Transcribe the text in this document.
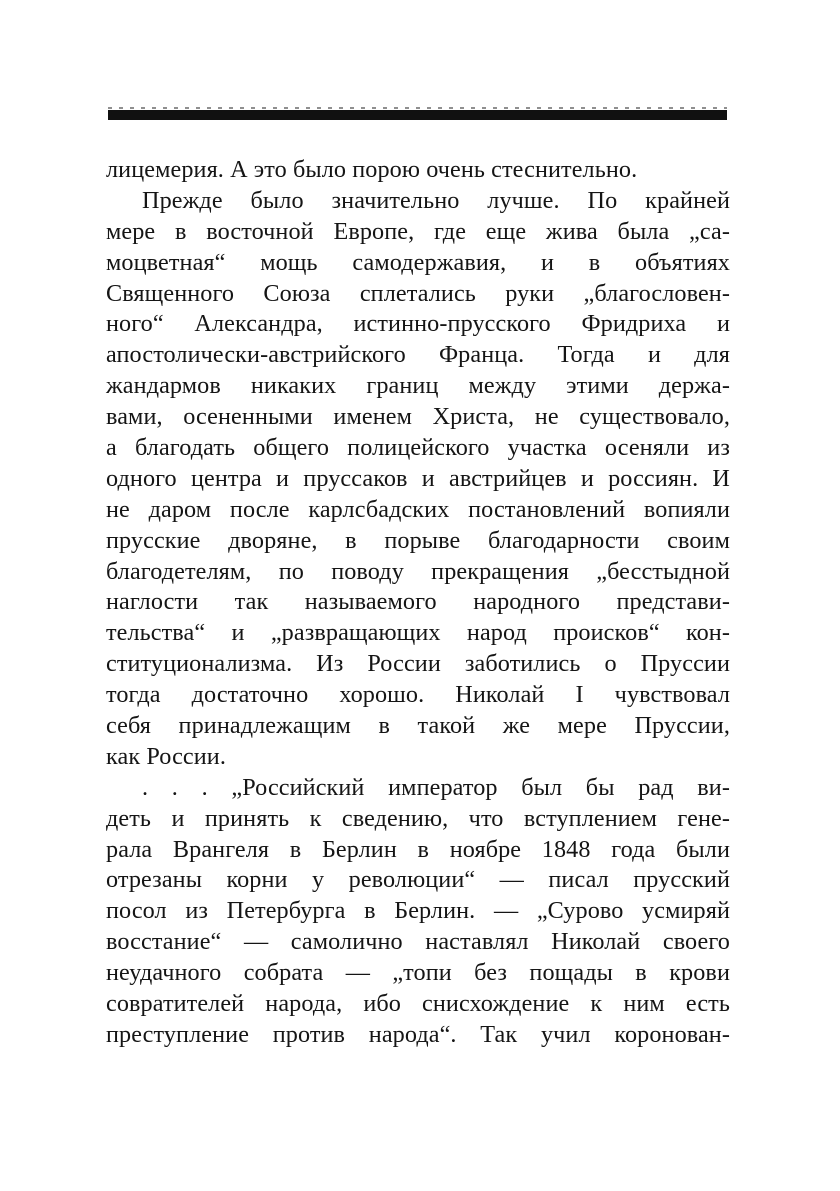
лицемерия. А это было порою очень стеснительно.
Прежде было значительно лучше. По крайней
мере в восточной Европе, где еще жива была „са-
моцветная“ мощь самодержавия, и в объятиях
Священного Союза сплетались руки „благословен-
ного“ Александра, истинно-прусского Фридриха и
апостолически-австрийского Франца. Тогда и для
жандармов никаких границ между этими держа-
вами, осененными именем Христа, не существовало,
а благодать общего полицейского участка осеняли из
одного центра и пруссаков и австрийцев и россиян. И
не даром после карлсбадских постановлений вопияли
прусские дворяне, в порыве благодарности своим
благодетелям, по поводу прекращения „бесстыдной
наглости так называемого народного представи-
тельства“ и „развращающих народ происков“ кон-
ституционализма. Из России заботились о Пруссии
тогда достаточно хорошо. Николай I чувствовал
себя принадлежащим в такой же мере Пруссии,
как России.
. . . „Российский император был бы рад ви-
деть и принять к сведению, что вступлением гене-
рала Врангеля в Берлин в ноябре 1848 года были
отрезаны корни у революции“ — писал прусский
посол из Петербурга в Берлин. — „Сурово усмиряй
восстание“ — самолично наставлял Николай своего
неудачного собрата — „топи без пощады в крови
совратителей народа, ибо снисхождение к ним есть
преступление против народа“. Так учил коронован-
